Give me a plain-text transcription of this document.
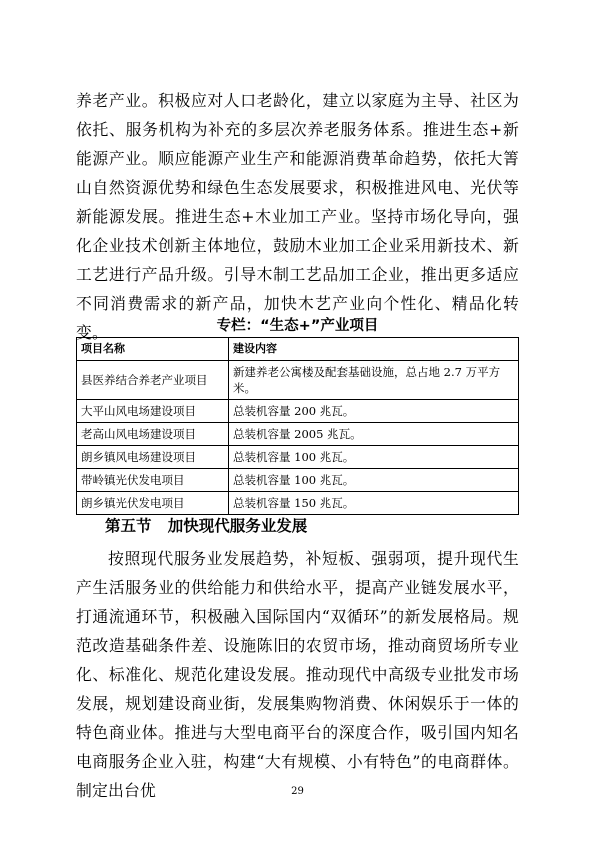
养老产业。积极应对人口老龄化，建立以家庭为主导、社区为依托、服务机构为补充的多层次养老服务体系。推进生态+新能源产业。顺应能源产业生产和能源消费革命趋势，依托大箐山自然资源优势和绿色生态发展要求，积极推进风电、光伏等新能源发展。推进生态+木业加工产业。坚持市场化导向，强化企业技术创新主体地位，鼓励木业加工企业采用新技术、新工艺进行产品升级。引导木制工艺品加工企业，推出更多适应不同消费需求的新产品，加快木艺产业向个性化、精品化转变。	专栏：“生态+”产业项目
项目名称	建设内容
县医养结合养老产业项目	新建养老公寓楼及配套基础设施，总占地 2.7 万平方米。
大平山风电场建设项目	总装机容量 200 兆瓦。
老高山风电场建设项目	总装机容量 2005 兆瓦。
朗乡镇风电场建设项目	总装机容量 100 兆瓦。
带岭镇光伏发电项目	总装机容量 100 兆瓦。
朗乡镇光伏发电项目	总装机容量 150 兆瓦。
第五节 加快现代服务业发展

按照现代服务业发展趋势，补短板、强弱项，提升现代生产生活服务业的供给能力和供给水平，提高产业链发展水平，打通流通环节，积极融入国际国内“双循环”的新发展格局。规范改造基础条件差、设施陈旧的农贸市场，推动商贸场所专业化、标准化、规范化建设发展。推动现代中高级专业批发市场发展，规划建设商业街，发展集购物消费、休闲娱乐于一体的特色商业体。推进与大型电商平台的深度合作，吸引国内知名电商服务企业入驻，构建“大有规模、小有特色”的电商群体。制定出台优	29
